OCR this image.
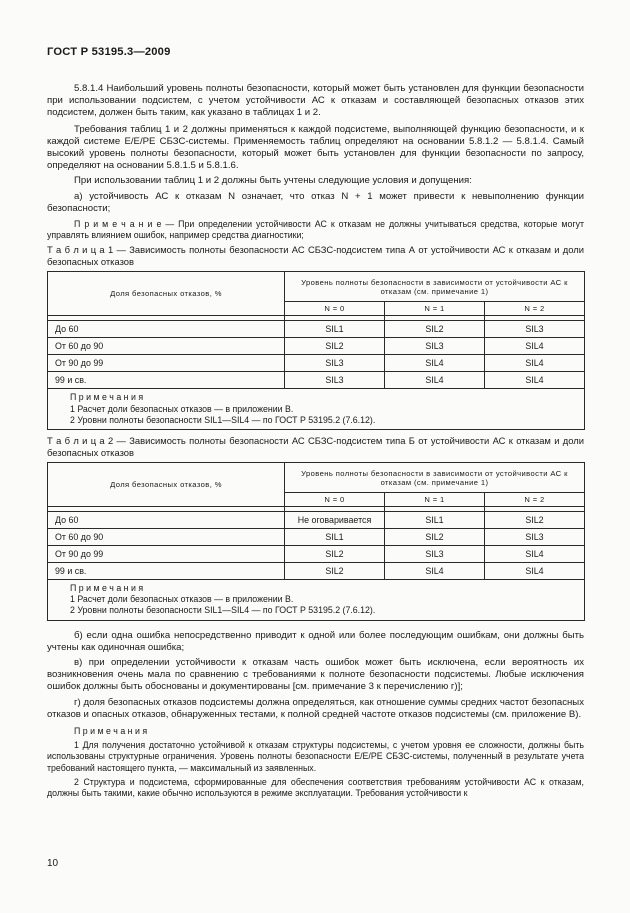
ГОСТ Р 53195.3—2009

5.8.1.4 Наибольший уровень полноты безопасности, который может быть установлен для функции безопасности при использовании подсистем, с учетом устойчивости АС к отказам и составляющей безопасных отказов этих подсистем, должен быть таким, как указано в таблицах 1 и 2.

Требования таблиц 1 и 2 должны применяться к каждой подсистеме, выполняющей функцию безопасности, и к каждой системе Е/Е/РЕ СБЗС-системы. Применяемость таблиц определяют на основании 5.8.1.2 — 5.8.1.4. Самый высокий уровень полноты безопасности, который может быть установлен для функции безопасности по запросу, определяют на основании 5.8.1.5 и 5.8.1.6.

При использовании таблиц 1 и 2 должны быть учтены следующие условия и допущения:

а) устойчивость АС к отказам N означает, что отказ N + 1 может привести к невыполнению функции безопасности;

П р и м е ч а н и е — При определении устойчивости АС к отказам не должны учитываться средства, которые могут управлять влиянием ошибок, например средства диагностики;

Т а б л и ц а 1 — Зависимость полноты безопасности АС СБЗС-подсистем типа А от устойчивости АС к отказам и доли безопасных отказов

Доля безопасных отказов, %	Уровень полноты безопасности в зависимости от устойчивости АС к отказам (см. примечание 1)		
	N = 0	N = 1	N = 2

До 60	SIL1	SIL2	SIL3
От 60 до 90	SIL2	SIL3	SIL4
От 90 до 99	SIL3	SIL4	SIL4
99 и св.	SIL3	SIL4	SIL4

П р и м е ч а н и я
1 Расчет доли безопасных отказов — в приложении В.
2 Уровни полноты безопасности SIL1—SIL4 — по ГОСТ Р 53195.2 (7.6.12).			

Т а б л и ц а 2 — Зависимость полноты безопасности АС СБЗС-подсистем типа Б от устойчивости АС к отказам и доли безопасных отказов

Доля безопасных отказов, %	Уровень полноты безопасности в зависимости от устойчивости АС к отказам (см. примечание 1)		
	N = 0	N = 1	N = 2

До 60	Не оговаривается	SIL1	SIL2
От 60 до 90	SIL1	SIL2	SIL3
От 90 до 99	SIL2	SIL3	SIL4
99 и св.	SIL2	SIL4	SIL4

П р и м е ч а н и я
1 Расчет доли безопасных отказов — в приложении В.
2 Уровни полноты безопасности SIL1—SIL4 — по ГОСТ Р 53195.2 (7.6.12).			

б) если одна ошибка непосредственно приводит к одной или более последующим ошибкам, они должны быть учтены как одиночная ошибка;

в) при определении устойчивости к отказам часть ошибок может быть исключена, если вероятность их возникновения очень мала по сравнению с требованиями к полноте безопасности подсистемы. Любые исключения ошибок должны быть обоснованы и документированы [см. примечание 3 к перечислению г)];

г) доля безопасных отказов подсистемы должна определяться, как отношение суммы средних частот безопасных отказов и опасных отказов, обнаруженных тестами, к полной средней частоте отказов подсистемы (см. приложение В).

П р и м е ч а н и я

1 Для получения достаточно устойчивой к отказам структуры подсистемы, с учетом уровня ее сложности, должны быть использованы структурные ограничения. Уровень полноты безопасности Е/Е/РЕ СБЗС-системы, полученный в результате учета требований настоящего пункта, — максимальный из заявленных.

2 Структура и подсистема, сформированные для обеспечения соответствия требованиям устойчивости АС к отказам, должны быть такими, какие обычно используются в режиме эксплуатации. Требования устойчивости к

10
